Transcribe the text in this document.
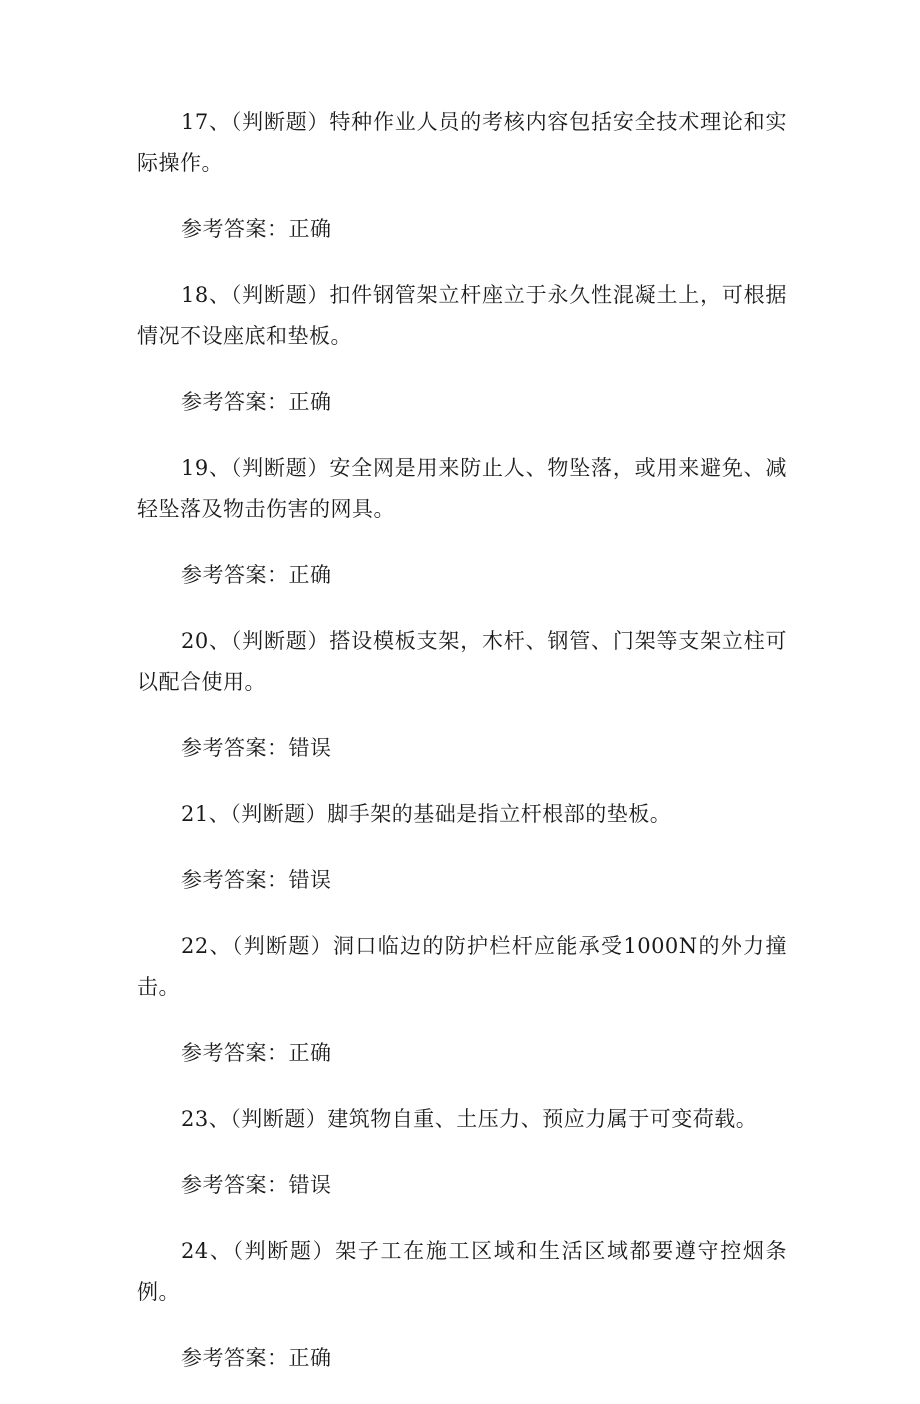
17、（判断题）特种作业人员的考核内容包括安全技术理论和实际操作。

参考答案：正确

18、（判断题）扣件钢管架立杆座立于永久性混凝土上，可根据情况不设座底和垫板。

参考答案：正确

19、（判断题）安全网是用来防止人、物坠落，或用来避免、减轻坠落及物击伤害的网具。

参考答案：正确

20、（判断题）搭设模板支架，木杆、钢管、门架等支架立柱可以配合使用。

参考答案：错误

21、（判断题）脚手架的基础是指立杆根部的垫板。

参考答案：错误

22、（判断题）洞口临边的防护栏杆应能承受1000N的外力撞击。

参考答案：正确

23、（判断题）建筑物自重、土压力、预应力属于可变荷载。

参考答案：错误

24、（判断题）架子工在施工区域和生活区域都要遵守控烟条例。

参考答案：正确
